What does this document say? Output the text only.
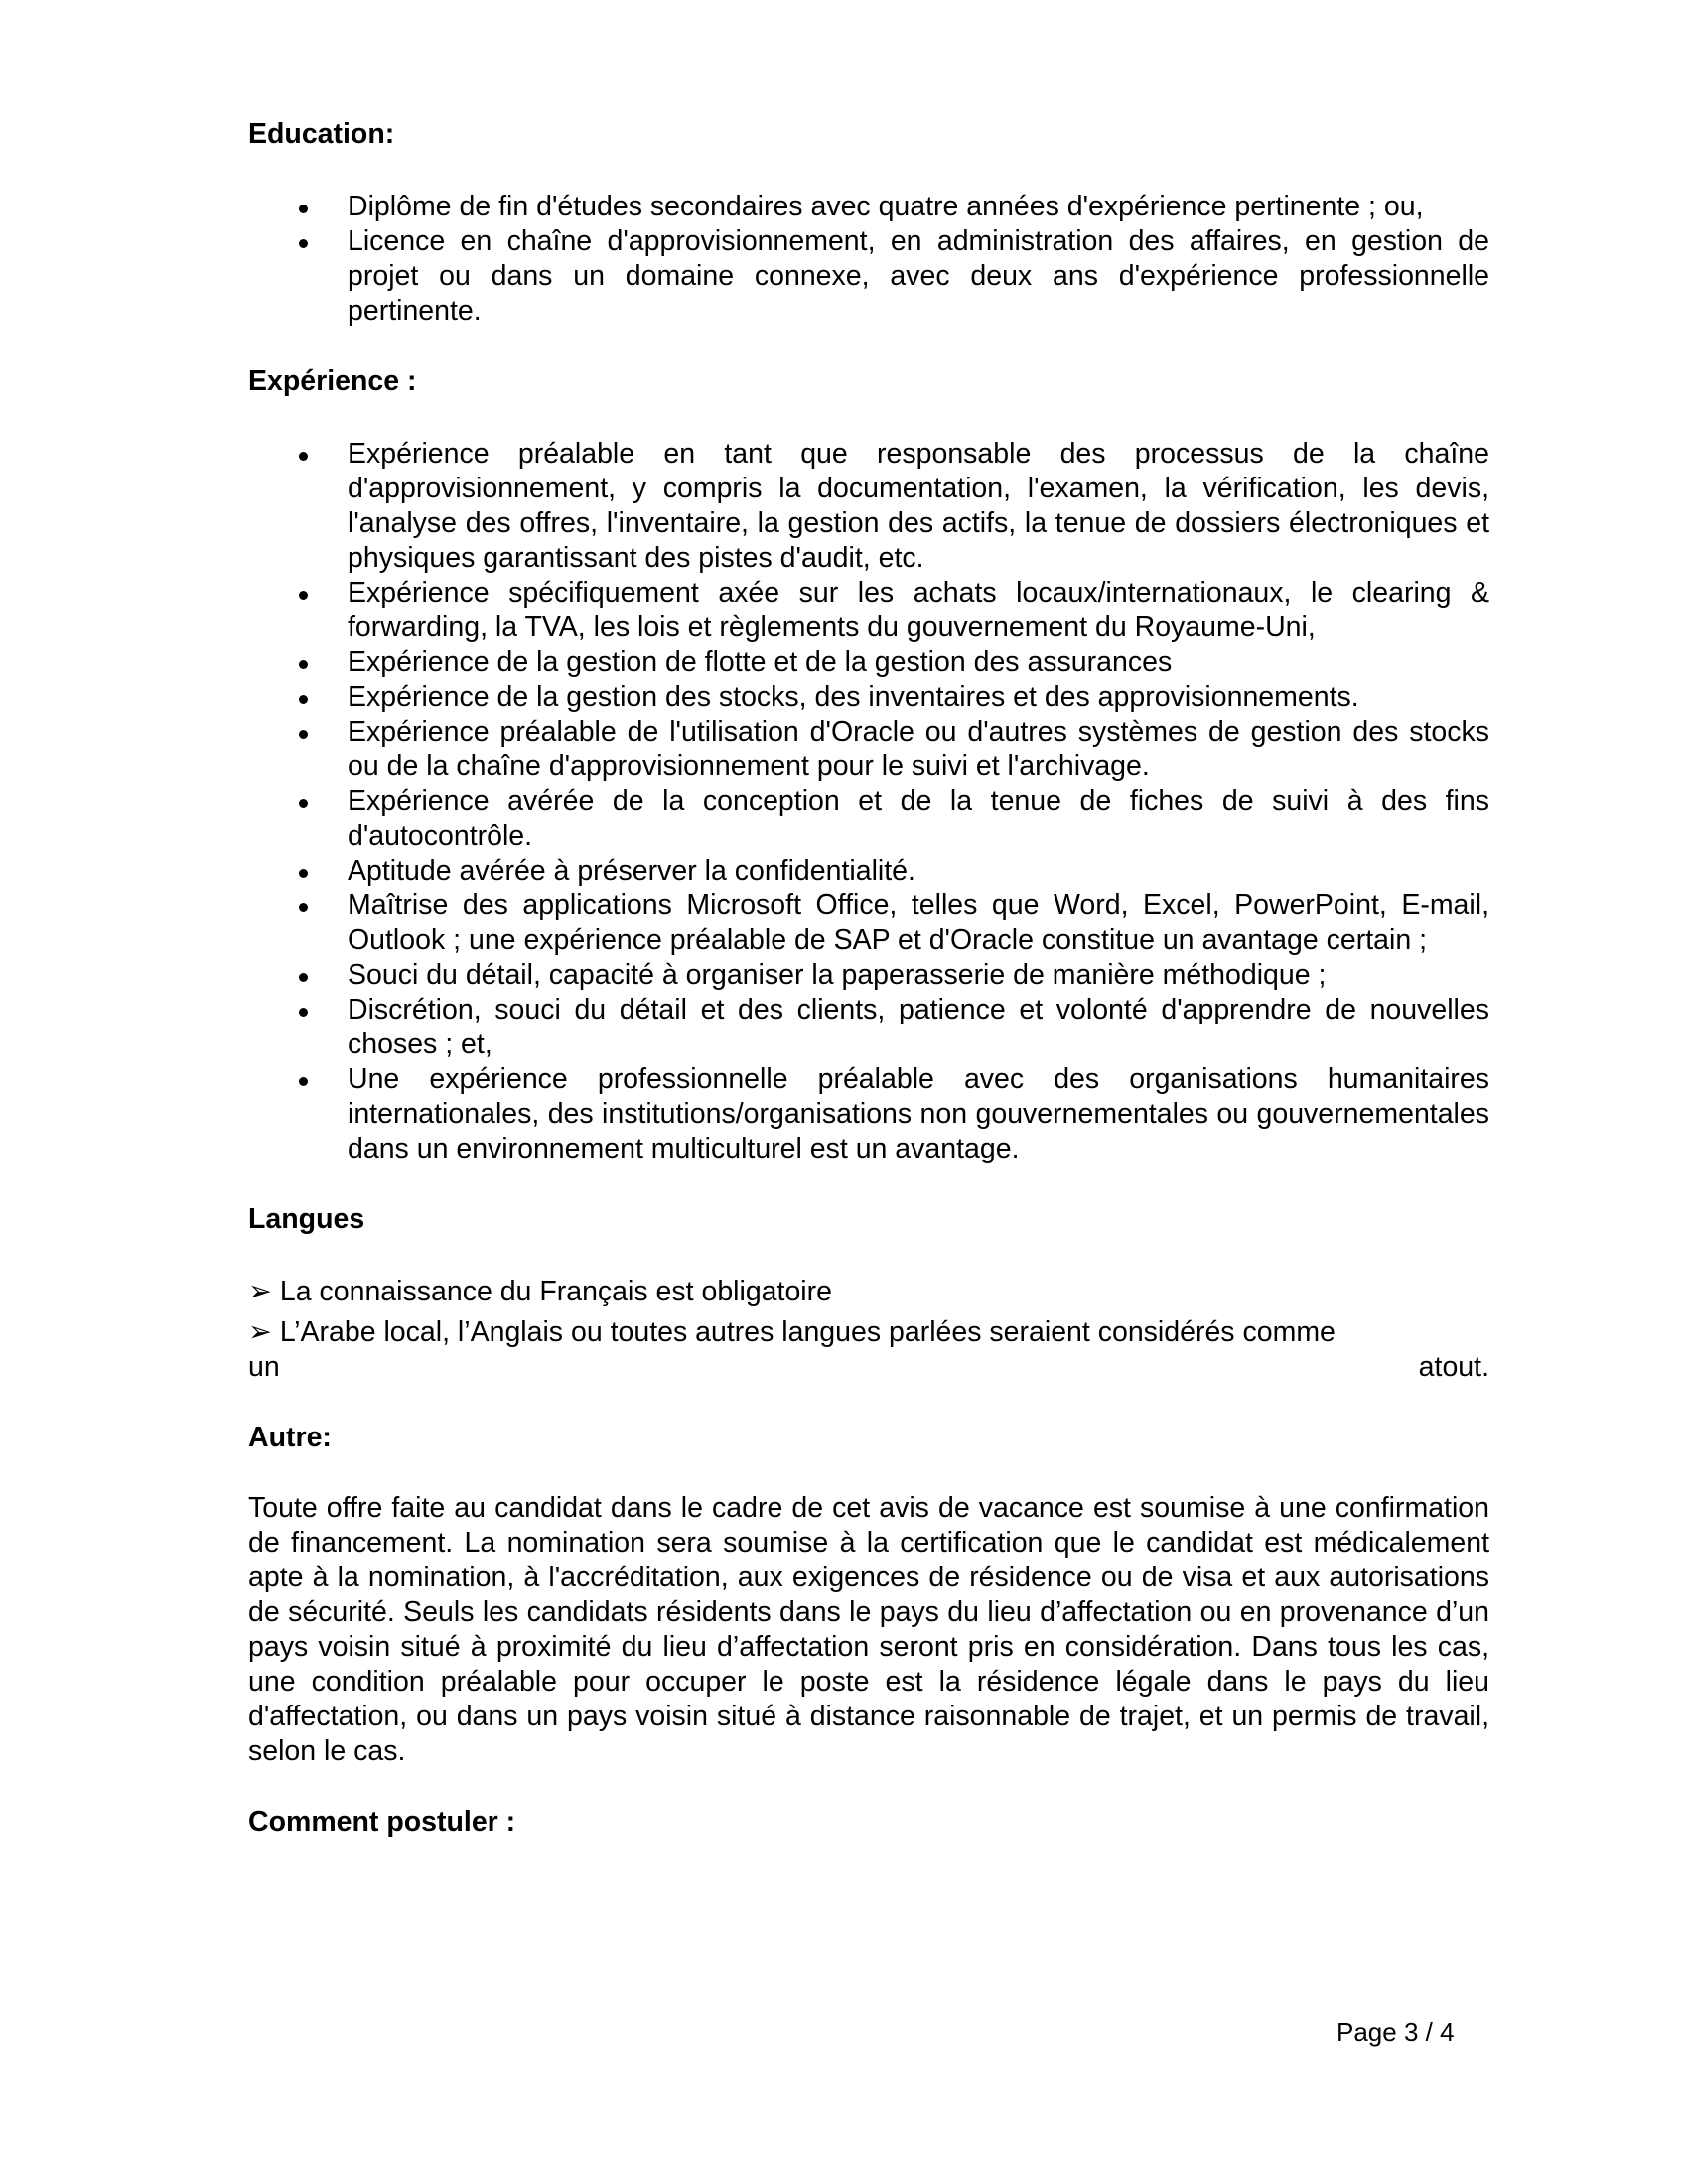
Education:
Diplôme de fin d'études secondaires avec quatre années d'expérience pertinente ; ou,
Licence en chaîne d'approvisionnement, en administration des affaires, en gestion de projet ou dans un domaine connexe, avec deux ans d'expérience professionnelle pertinente.
Expérience :
Expérience préalable en tant que responsable des processus de la chaîne d'approvisionnement, y compris la documentation, l'examen, la vérification, les devis, l'analyse des offres, l'inventaire, la gestion des actifs, la tenue de dossiers électroniques et physiques garantissant des pistes d'audit, etc.
Expérience spécifiquement axée sur les achats locaux/internationaux, le clearing & forwarding, la TVA, les lois et règlements du gouvernement du Royaume-Uni,
Expérience de la gestion de flotte et de la gestion des assurances
Expérience de la gestion des stocks, des inventaires et des approvisionnements.
Expérience préalable de l'utilisation d'Oracle ou d'autres systèmes de gestion des stocks ou de la chaîne d'approvisionnement pour le suivi et l'archivage.
Expérience avérée de la conception et de la tenue de fiches de suivi à des fins d'autocontrôle.
Aptitude avérée à préserver la confidentialité.
Maîtrise des applications Microsoft Office, telles que Word, Excel, PowerPoint, E-mail, Outlook ; une expérience préalable de SAP et d'Oracle constitue un avantage certain ;
Souci du détail, capacité à organiser la paperasserie de manière méthodique ;
Discrétion, souci du détail et des clients, patience et volonté d'apprendre de nouvelles choses ; et,
Une expérience professionnelle préalable avec des organisations humanitaires internationales, des institutions/organisations non gouvernementales ou gouvernementales dans un environnement multiculturel est un avantage.
Langues
➢ La connaissance du Français est obligatoire
➢ L’Arabe local, l’Anglais ou toutes autres langues parlées seraient considérés comme
un atout.
Autre:

Toute offre faite au candidat dans le cadre de cet avis de vacance est soumise à une confirmation de financement. La nomination sera soumise à la certification que le candidat est médicalement apte à la nomination, à l'accréditation, aux exigences de résidence ou de visa et aux autorisations de sécurité. Seuls les candidats résidents dans le pays du lieu d’affectation ou en provenance d’un pays voisin situé à proximité du lieu d’affectation seront pris en considération. Dans tous les cas, une condition préalable pour occuper le poste est la résidence légale dans le pays du lieu d'affectation, ou dans un pays voisin situé à distance raisonnable de trajet, et un permis de travail, selon le cas.

Comment postuler :
Page 3 / 4
